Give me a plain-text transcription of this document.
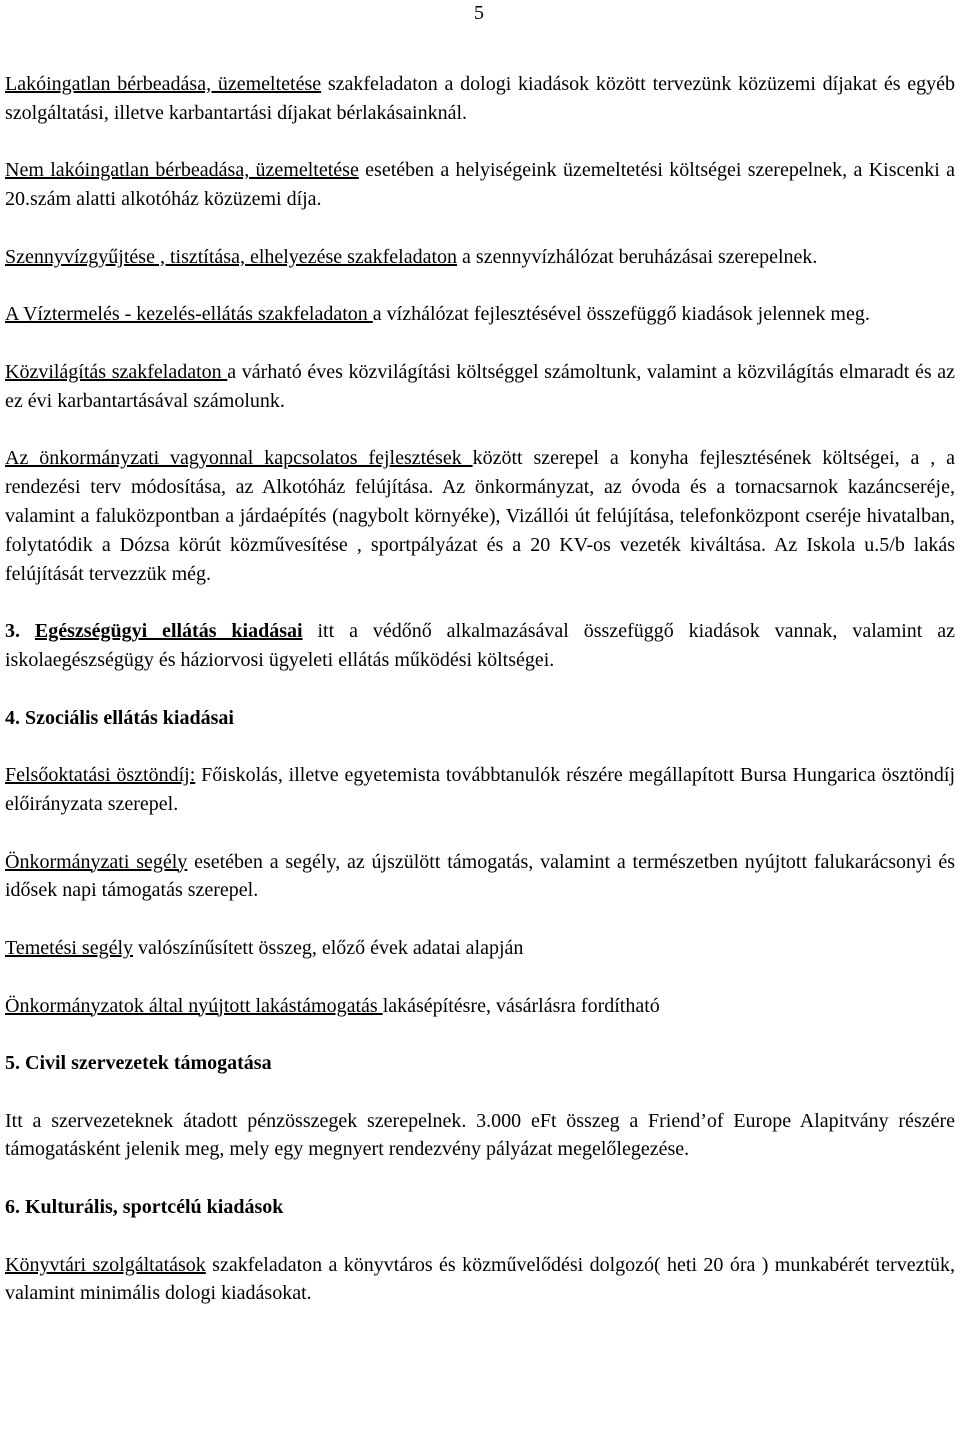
5

Lakóingatlan bérbeadása, üzemeltetése szakfeladaton a dologi kiadások között tervezünk közüzemi díjakat és egyéb szolgáltatási, illetve karbantartási díjakat bérlakásainknál.

Nem lakóingatlan bérbeadása, üzemeltetése esetében a helyiségeink üzemeltetési költségei szerepelnek, a Kiscenki a 20.szám alatti alkotóház közüzemi díja.

Szennyvízgyűjtése , tisztítása, elhelyezése szakfeladaton a szennyvízhálózat beruházásai szerepelnek.

A Víztermelés - kezelés-ellátás szakfeladaton a vízhálózat fejlesztésével összefüggő kiadások jelennek meg.

Közvilágítás szakfeladaton a várható éves közvilágítási költséggel számoltunk, valamint a közvilágítás elmaradt és az ez évi karbantartásával számolunk.

Az önkormányzati vagyonnal kapcsolatos fejlesztések között szerepel a konyha fejlesztésének költségei, a , a rendezési terv módosítása, az Alkotóház felújítása. Az önkormányzat, az óvoda és a tornacsarnok kazáncseréje, valamint a faluközpontban a járdaépítés (nagybolt környéke), Vizállói út felújítása, telefonközpont cseréje hivatalban, folytatódik a Dózsa körút közművesítése , sportpályázat és a 20 KV-os vezeték kiváltása. Az Iskola u.5/b lakás felújítását tervezzük még.

3. Egészségügyi ellátás kiadásai itt a védőnő alkalmazásával összefüggő kiadások vannak, valamint az iskolaegészségügy és háziorvosi ügyeleti ellátás működési költségei.

4. Szociális ellátás kiadásai

Felsőoktatási ösztöndíj: Főiskolás, illetve egyetemista továbbtanulók részére megállapított Bursa Hungarica ösztöndíj előirányzata szerepel.

Önkormányzati segély esetében a segély, az újszülött támogatás, valamint a természetben nyújtott falukarácsonyi és idősek napi támogatás szerepel.

Temetési segély valószínűsített összeg, előző évek adatai alapján

Önkormányzatok által nyújtott lakástámogatás lakásépítésre, vásárlásra fordítható

5. Civil szervezetek támogatása

Itt a szervezeteknek átadott pénzösszegek szerepelnek. 3.000 eFt összeg a Friend’of Europe Alapitvány részére támogatásként jelenik meg, mely egy megnyert rendezvény pályázat megelőlegezése.

6. Kulturális, sportcélú kiadások

Könyvtári szolgáltatások szakfeladaton a könyvtáros és közművelődési dolgozó( heti 20 óra ) munkabérét terveztük, valamint minimális dologi kiadásokat.
